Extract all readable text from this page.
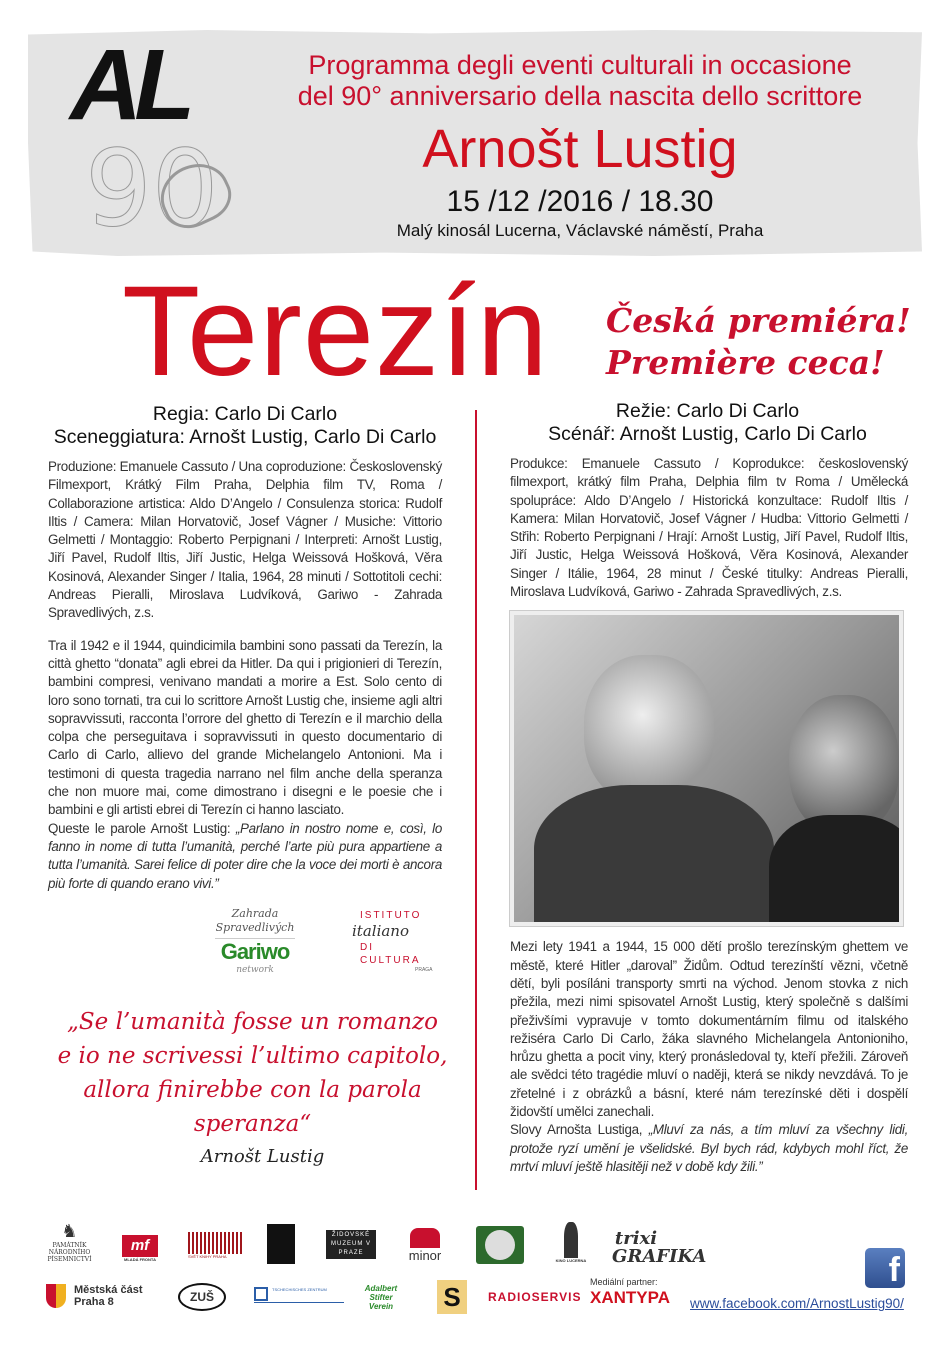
AL
90
Programma degli eventi culturali in occasione
del 90° anniversario della nascita dello scrittore
Arnošt Lustig
15 /12 /2016 / 18.30
Malý kinosál Lucerna, Václavské náměstí, Praha
Terezín Česká premiéra!
Première ceca!
Regia: Carlo Di Carlo
Sceneggiatura: Arnošt Lustig, Carlo Di Carlo
Produzione: Emanuele Cassuto / Una coproduzione: Československý Filmexport, Krátký Film Praha, Delphia film TV, Roma / Collaborazione artistica: Aldo D’Angelo / Consulenza storica: Rudolf Iltis / Camera: Milan Horvatovič, Josef Vágner / Musiche: Vittorio Gelmetti / Montaggio: Roberto Perpignani / Interpreti: Arnošt Lustig, Jiří Pavel, Rudolf Iltis, Jiří Justic, Helga Weissová Hošková, Věra Kosinová, Alexander Singer / Italia, 1964, 28 minuti / Sottotitoli cechi: Andreas Pieralli, Miroslava Ludvíková, Gariwo - Zahrada Spravedlivých, z.s.
Tra il 1942 e il 1944, quindicimila bambini sono passati da Terezín, la città ghetto “donata” agli ebrei da Hitler. Da qui i prigionieri di Terezín, bambini compresi, venivano mandati a morire a Est. Solo cento di loro sono tornati, tra cui lo scrittore Arnošt Lustig che, insieme agli altri sopravvissuti, racconta l’orrore del ghetto di Terezín e il marchio della colpa che perseguitava i sopravvissuti in questo documentario di Carlo di Carlo, allievo del grande Michelangelo Antonioni. Ma i testimoni di questa tragedia narrano nel film anche della speranza che non muore mai, come dimostrano i disegni e le poesie che i bambini e gli artisti ebrei di Terezín ci hanno lasciato.
Queste le parole Arnošt Lustig: „Parlano in nostro nome e, così, lo fanno in nome di tutta l’umanità, perché l’arte più pura appartiene a tutta l’umanità. Sarei felice di poter dire che la voce dei morti è ancora più forte di quando erano vivi.”
Zahrada Spravedlivých
Gariwo
network
ISTITUTO
italiano
DI CULTURA
PRAGA
„Se l’umanità fosse un romanzo
e io ne scrivessi l’ultimo capitolo,
allora finirebbe con la parola speranza“
Arnošt Lustig
Režie: Carlo Di Carlo
Scénář: Arnošt Lustig, Carlo Di Carlo
Produkce: Emanuele Cassuto / Koprodukce: československý filmexport, krátký film Praha, Delphia film tv Roma / Umělecká spolupráce: Aldo D’Angelo / Historická konzultace: Rudolf Iltis / Kamera: Milan Horvatovič, Josef Vágner / Hudba: Vittorio Gelmetti / Střih: Roberto Perpignani / Hrají: Arnošt Lustig, Jiří Pavel, Rudolf Iltis, Jiří Justic, Helga Weissová Hošková, Věra Kosinová, Alexander Singer / Itálie, 1964, 28 minut / České titulky: Andreas Pieralli, Miroslava Ludvíková, Gariwo - Zahrada Spravedlivých, z.s.
Mezi lety 1941 a 1944, 15 000 dětí prošlo terezínským ghettem ve městě, které Hitler „daroval” Židům. Odtud terezínští vězni, včetně dětí, byli posíláni transporty smrti na východ. Jenom stovka z nich přežila, mezi nimi spisovatel Arnošt Lustig, který společně s dalšími přeživšími vypravuje v tomto dokumentárním filmu od italského režiséra Carlo Di Carlo, žáka slavného Michelangela Antonioniho, hrůzu ghetta a pocit viny, který pronásledoval ty, kteří přežili. Zároveň ale svědci této tragédie mluví o naději, která se nikdy nevzdává. To je zřetelné i z obrázků a básní, které nám terezínské děti i dospělí židovští umělci zanechali.
Slovy Arnošta Lustiga, „Mluví za nás, a tím mluví za všechny lidi, protože ryzí umění je všelidské. Byl bych rád, kdybych mohl říct, že mrtví mluví ještě hlasitěji než v době kdy žili.”
♞
PAMÁTNÍK NÁRODNÍHO PÍSEMNICTVÍ
mf
MLADÁ FRONTA
SVĚT KNIHY PRAHA
ŽIDOVSKÉ MUZEUM V PRAZE	minor	KINO LUCERNA
trixi GRAFIKA
Městská část Praha 8	ZUŠ
TSCHECHISCHES ZENTRUM	Adalbert Stifter Verein	S	RADIOSERVIS
Mediální partner:
XANTYPA
f
www.facebook.com/ArnostLustig90/
